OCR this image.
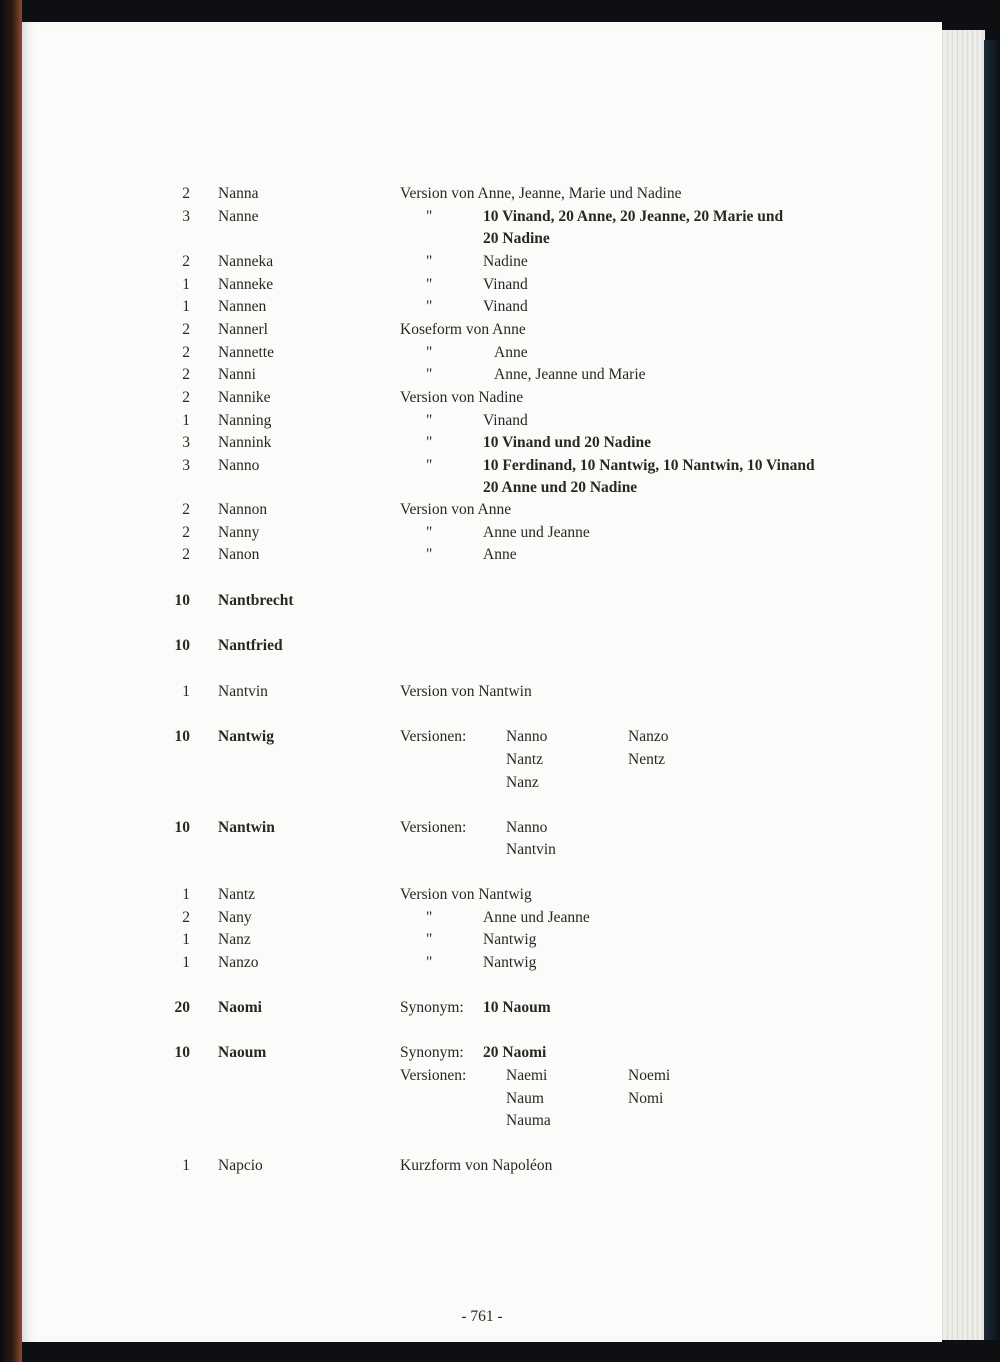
2 Nanna	Version von Anne, Jeanne, Marie und Nadine
3 Nanne	"	10 Vinand, 20 Anne, 20 Jeanne, 20 Marie und
20 Nadine
2 Nanneka	"	Nadine
1 Nanneke	"	Vinand
1 Nannen	"	Vinand
2 Nannerl	Koseform von Anne
2 Nannette	"	Anne
2 Nanni	"	Anne, Jeanne und Marie
2 Nannike	Version von Nadine
1 Nanning	"	Vinand
3 Nannink	"	10 Vinand und 20 Nadine
3 Nanno	"	10 Ferdinand, 10 Nantwig, 10 Nantwin, 10 Vinand
20 Anne und 20 Nadine
2 Nannon	Version von Anne
2 Nanny	"	Anne und Jeanne
2 Nanon	"	Anne
10 Nantbrecht
10 Nantfried
1 Nantvin	Version von Nantwin
10 Nantwig	Versionen:	Nanno	Nanzo
Nantz	Nentz
Nanz
10 Nantwin	Versionen:	Nanno
Nantvin
1 Nantz	Version von Nantwig
2 Nany	"	Anne und Jeanne
1 Nanz	"	Nantwig
1 Nanzo	"	Nantwig
20 Naomi	Synonym: 10 Naoum
10 Naoum	Synonym: 20 Naomi
Versionen:	Naemi	Noemi
Naum	Nomi
Nauma
1 Napcio	Kurzform von Napoléon
- 761 -
